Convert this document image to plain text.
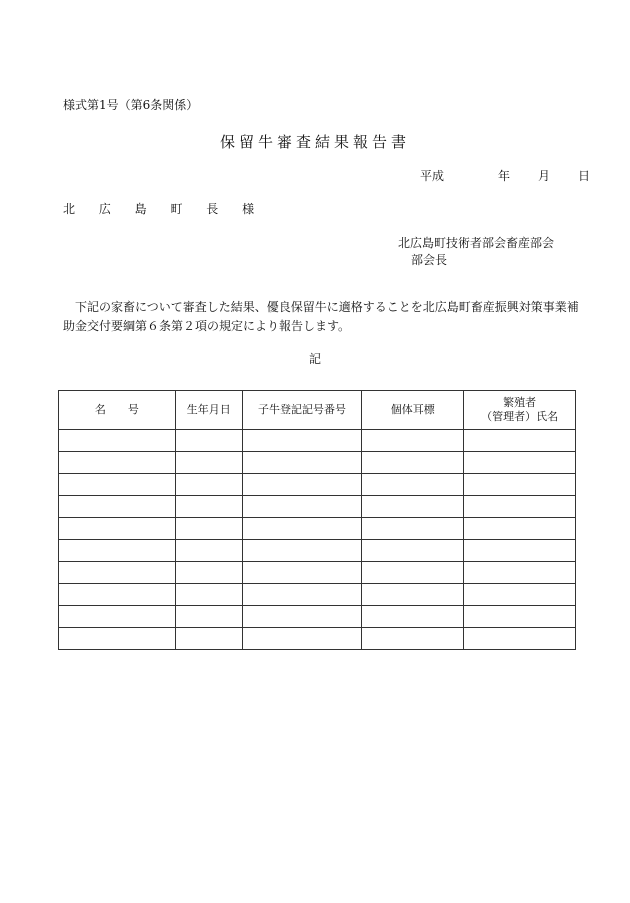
様式第1号（第6条関係）
保留牛審査結果報告書
平成	年 月 日
北 広 島 町 長 様
北広島町技術者部会畜産部会
部会長
下記の家畜について審査した結果、優良保留牛に適格することを北広島町畜産振興対策事業補助金交付要綱第６条第２項の規定により報告します。
記
名　　号	生年月日	子牛登記記号番号	個体耳標	繁殖者
（管理者）氏名
